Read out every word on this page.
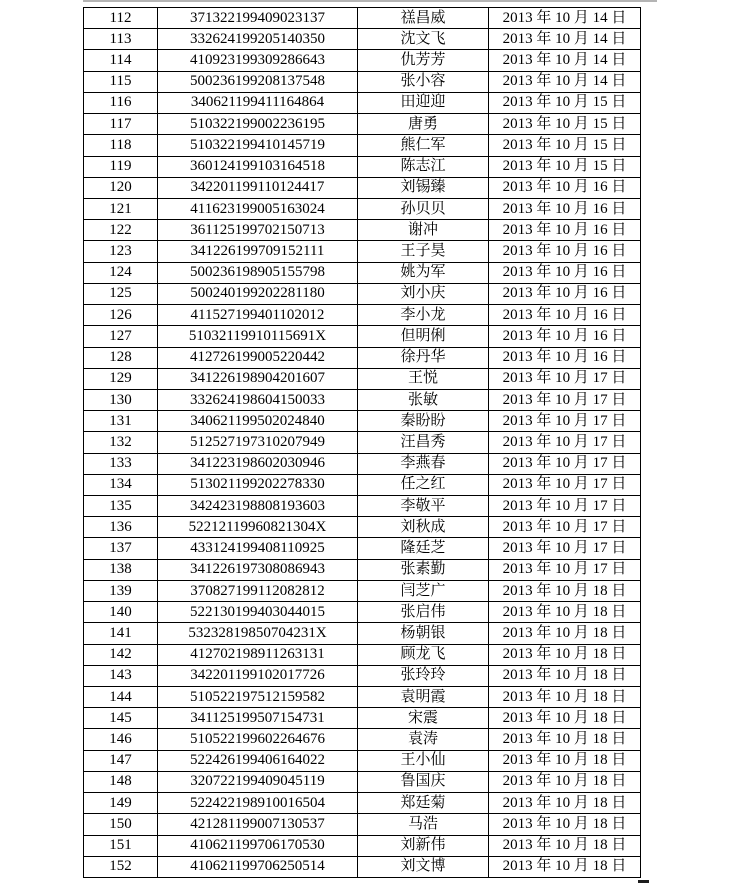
112	371322199409023137	禚昌威	2013 年 10 月 14 日
113	332624199205140350	沈文飞	2013 年 10 月 14 日
114	410923199309286643	仇芳芳	2013 年 10 月 14 日
115	500236199208137548	张小容	2013 年 10 月 14 日
116	340621199411164864	田迎迎	2013 年 10 月 15 日
117	510322199002236195	唐勇	2013 年 10 月 15 日
118	510322199410145719	熊仁军	2013 年 10 月 15 日
119	360124199103164518	陈志江	2013 年 10 月 15 日
120	342201199110124417	刘锡臻	2013 年 10 月 16 日
121	411623199005163024	孙贝贝	2013 年 10 月 16 日
122	361125199702150713	谢冲	2013 年 10 月 16 日
123	341226199709152111	王子昊	2013 年 10 月 16 日
124	500236198905155798	姚为军	2013 年 10 月 16 日
125	500240199202281180	刘小庆	2013 年 10 月 16 日
126	411527199401102012	李小龙	2013 年 10 月 16 日
127	51032119910115691X	但明俐	2013 年 10 月 16 日
128	412726199005220442	徐丹华	2013 年 10 月 16 日
129	341226198904201607	王悦	2013 年 10 月 17 日
130	332624198604150033	张敏	2013 年 10 月 17 日
131	340621199502024840	秦盼盼	2013 年 10 月 17 日
132	512527197310207949	汪昌秀	2013 年 10 月 17 日
133	341223198602030946	李燕春	2013 年 10 月 17 日
134	513021199202278330	任之红	2013 年 10 月 17 日
135	342423198808193603	李敬平	2013 年 10 月 17 日
136	52212119960821304X	刘秋成	2013 年 10 月 17 日
137	433124199408110925	隆廷芝	2013 年 10 月 17 日
138	341226197308086943	张素勤	2013 年 10 月 17 日
139	370827199112082812	闫芝广	2013 年 10 月 18 日
140	522130199403044015	张启伟	2013 年 10 月 18 日
141	53232819850704231X	杨朝银	2013 年 10 月 18 日
142	412702198911263131	顾龙飞	2013 年 10 月 18 日
143	342201199102017726	张玲玲	2013 年 10 月 18 日
144	510522197512159582	袁明霞	2013 年 10 月 18 日
145	341125199507154731	宋震	2013 年 10 月 18 日
146	510522199602264676	袁涛	2013 年 10 月 18 日
147	522426199406164022	王小仙	2013 年 10 月 18 日
148	320722199409045119	鲁国庆	2013 年 10 月 18 日
149	522422198910016504	郑廷菊	2013 年 10 月 18 日
150	421281199007130537	马浩	2013 年 10 月 18 日
151	410621199706170530	刘新伟	2013 年 10 月 18 日
152	410621199706250514	刘文博	2013 年 10 月 18 日
